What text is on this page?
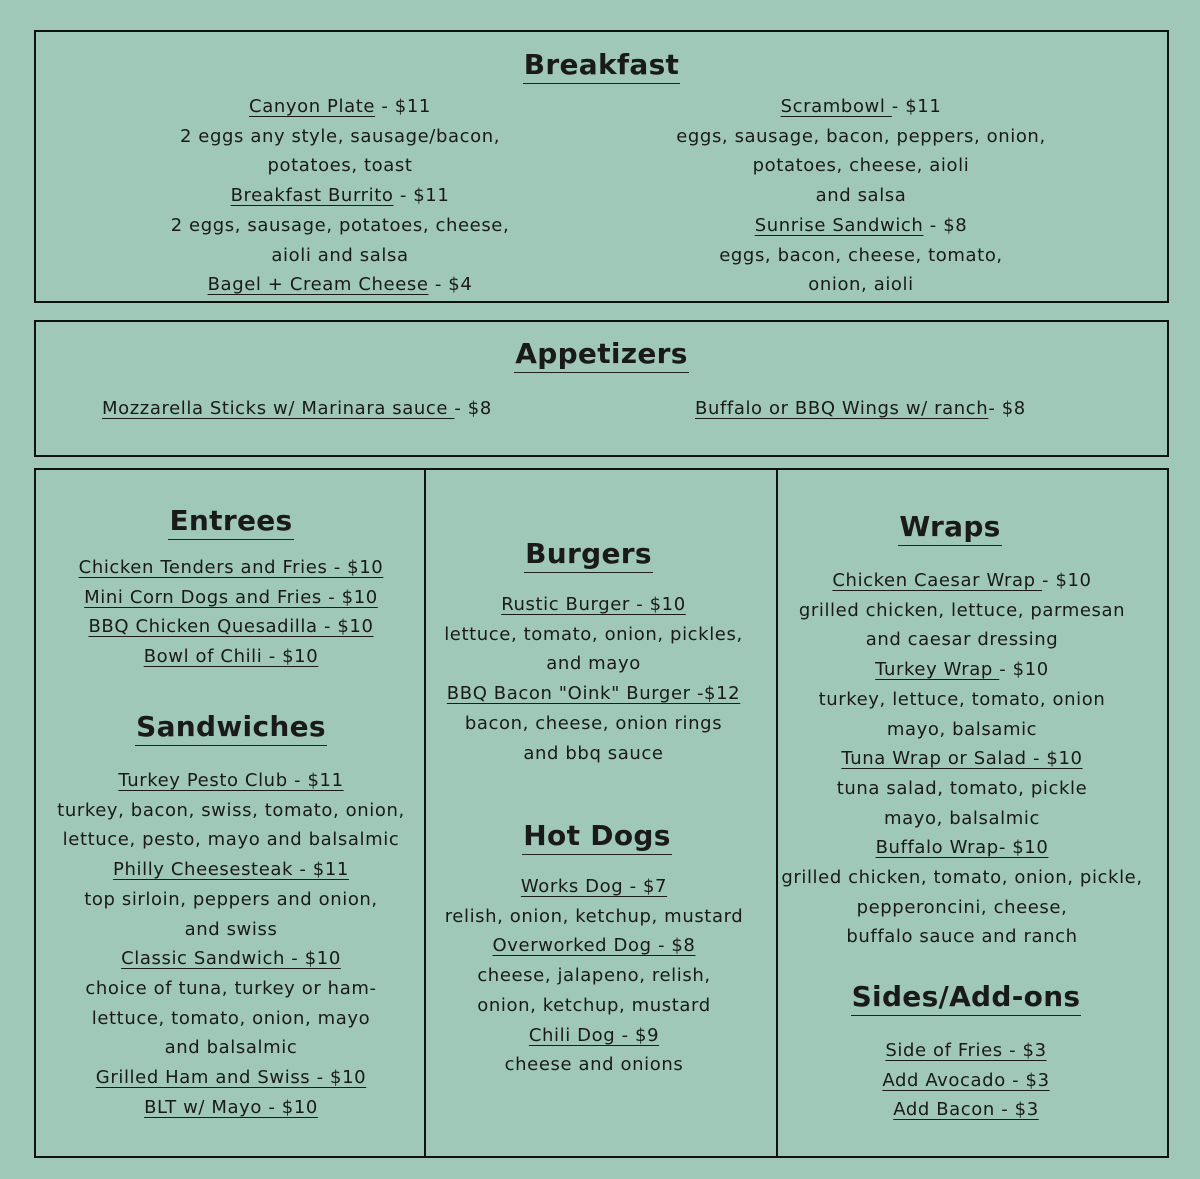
Breakfast
Canyon Plate - $11
2 eggs any style, sausage/bacon,
potatoes, toast
Breakfast Burrito - $11
2 eggs, sausage, potatoes, cheese,
aioli and salsa
Bagel + Cream Cheese - $4
Scrambowl - $11
eggs, sausage, bacon, peppers, onion,
potatoes, cheese, aioli
and salsa
Sunrise Sandwich - $8
eggs, bacon, cheese, tomato,
onion, aioli
Appetizers
Mozzarella Sticks w/ Marinara sauce - $8	Buffalo or BBQ Wings w/ ranch- $8
Entrees
Chicken Tenders and Fries - $10
Mini Corn Dogs and Fries - $10
BBQ Chicken Quesadilla - $10
Bowl of Chili - $10
Sandwiches
Turkey Pesto Club - $11
turkey, bacon, swiss, tomato, onion,
lettuce, pesto, mayo and balsalmic
Philly Cheesesteak - $11
top sirloin, peppers and onion,
and swiss
Classic Sandwich - $10
choice of tuna, turkey or ham-
lettuce, tomato, onion, mayo
and balsalmic
Grilled Ham and Swiss - $10
BLT w/ Mayo - $10
Burgers
Rustic Burger - $10
lettuce, tomato, onion, pickles,
and mayo
BBQ Bacon "Oink" Burger -$12
bacon, cheese, onion rings
and bbq sauce
Hot Dogs
Works Dog - $7
relish, onion, ketchup, mustard
Overworked Dog - $8
cheese, jalapeno, relish,
onion, ketchup, mustard
Chili Dog - $9
cheese and onions
Wraps
Chicken Caesar Wrap - $10
grilled chicken, lettuce, parmesan
and caesar dressing
Turkey Wrap - $10
turkey, lettuce, tomato, onion
mayo, balsamic
Tuna Wrap or Salad - $10
tuna salad, tomato, pickle
mayo, balsalmic
Buffalo Wrap- $10
grilled chicken, tomato, onion, pickle,
pepperoncini, cheese,
buffalo sauce and ranch
Sides/Add-ons
Side of Fries - $3
Add Avocado - $3
Add Bacon - $3
